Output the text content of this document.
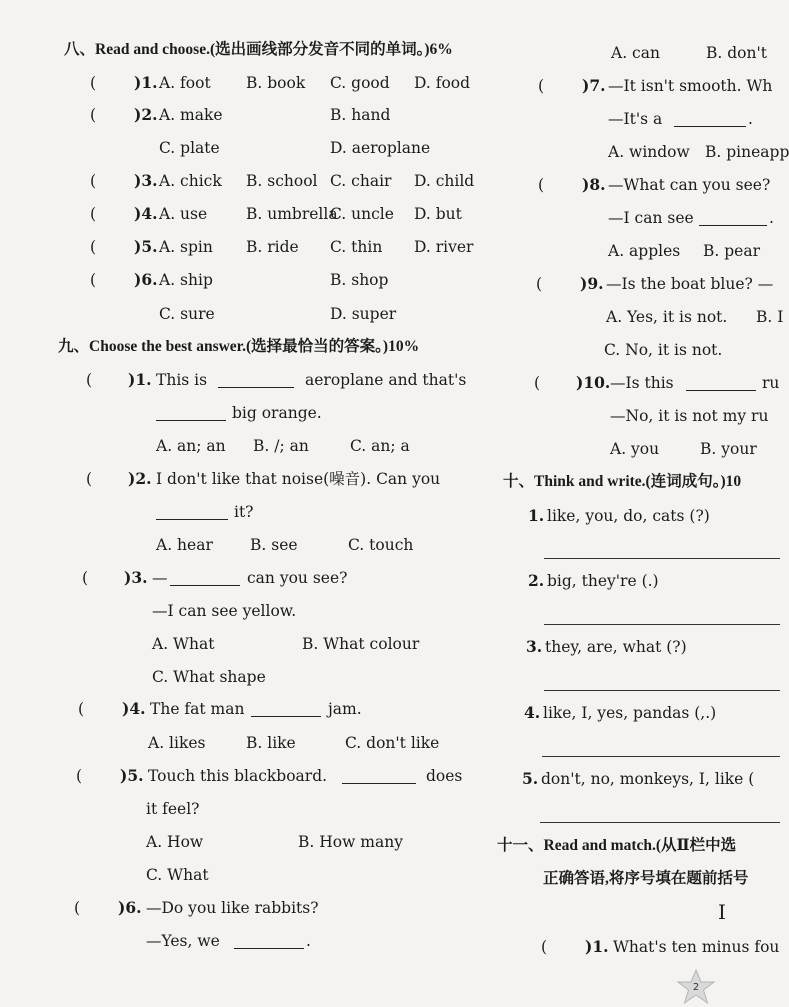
八、Read and choose.(选出画线部分发音不同的单词。)6%
( )1. A. foot B. book C. good D. food
( )2. A. make	B. hand
C. plate	D. aeroplane
( )3. A. chick B. school C. chair D. child
( )4. A. use	B. umbrella
C. uncle D. but
( )5. A. spin B. ride C. thin D. river
( )6. A. ship	B. shop
C. sure	D. super
九、Choose the best answer.(选择最恰当的答案。)10%
( )1. This is	aeroplane and that's
big orange.
A. an; an B. /; an	C. an; a
( )2. I don't like that noise(噪音). Can you
it?
A. hear B. see	C. touch
( )3. —	can you see?
—I can see yellow.
A. What	B. What colour
C. What shape
( )4. The fat man	jam.
A. likes	B. like	C. don't like
( )5. Touch this blackboard.	does
it feel?
A. How	B. How many
C. What
( )6. —Do you like rabbits?
—Yes, we	.
A. can	B. don't
( )7. —It isn't smooth. Wh
—It's a	.
A. window B. pineapp
( )8. —What can you see?
—I can see	.
A. apples B. pear
( )9. —Is the boat blue? —
A. Yes, it is not. B. I
C. No, it is not.
( )10. —Is this	ru
—No, it is not my ru
A. you	B. your
十、Think and write.(连词成句。)10
1. like, you, do, cats (?)
2. big, they're (.)
3. they, are, what (?)
4. like, I, yes, pandas (,.)
5. don't, no, monkeys, I, like (
十一、Read and match.(从Ⅱ栏中选
正确答语,将序号填在题前括号
I
( )1. What's ten minus fou
2
